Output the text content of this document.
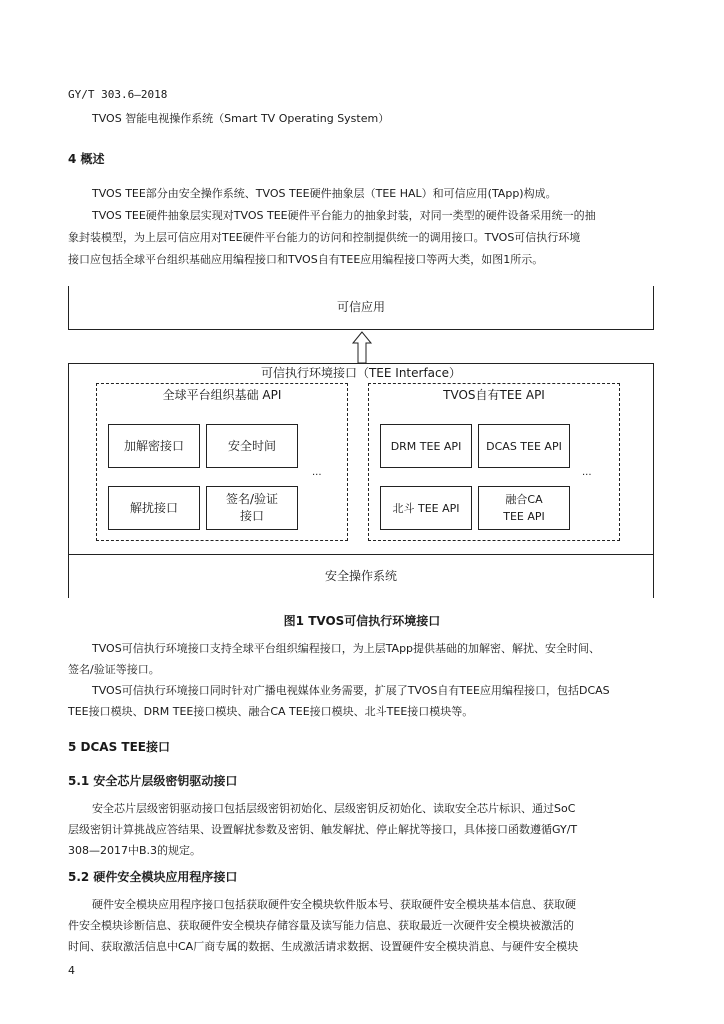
GY/T 303.6—2018
TVOS 智能电视操作系统（Smart TV Operating System）
4 概述
TVOS TEE部分由安全操作系统、TVOS TEE硬件抽象层（TEE HAL）和可信应用(TApp)构成。
TVOS TEE硬件抽象层实现对TVOS TEE硬件平台能力的抽象封装，对同一类型的硬件设备采用统一的抽
象封装模型，为上层可信应用对TEE硬件平台能力的访问和控制提供统一的调用接口。TVOS可信执行环境
接口应包括全球平台组织基础应用编程接口和TVOS自有TEE应用编程接口等两大类，如图1所示。
可信应用
可信执行环境接口（TEE Interface）
全球平台组织基础 API
加解密接口	安全时间
解扰接口
签名/验证接口
···
TVOS自有TEE API
DRM TEE API DCAS TEE API
北斗 TEE API
融合CA TEE API
···
安全操作系统
图1 TVOS可信执行环境接口
TVOS可信执行环境接口支持全球平台组织编程接口，为上层TApp提供基础的加解密、解扰、安全时间、
签名/验证等接口。
TVOS可信执行环境接口同时针对广播电视媒体业务需要，扩展了TVOS自有TEE应用编程接口，包括DCAS
TEE接口模块、DRM TEE接口模块、融合CA TEE接口模块、北斗TEE接口模块等。
5 DCAS TEE接口
5.1 安全芯片层级密钥驱动接口
安全芯片层级密钥驱动接口包括层级密钥初始化、层级密钥反初始化、读取安全芯片标识、通过SoC
层级密钥计算挑战应答结果、设置解扰参数及密钥、触发解扰、停止解扰等接口，具体接口函数遵循GY/T
308—2017中B.3的规定。
5.2 硬件安全模块应用程序接口
硬件安全模块应用程序接口包括获取硬件安全模块软件版本号、获取硬件安全模块基本信息、获取硬
件安全模块诊断信息、获取硬件安全模块存储容量及读写能力信息、获取最近一次硬件安全模块被激活的
时间、获取激活信息中CA厂商专属的数据、生成激活请求数据、设置硬件安全模块消息、与硬件安全模块
4
